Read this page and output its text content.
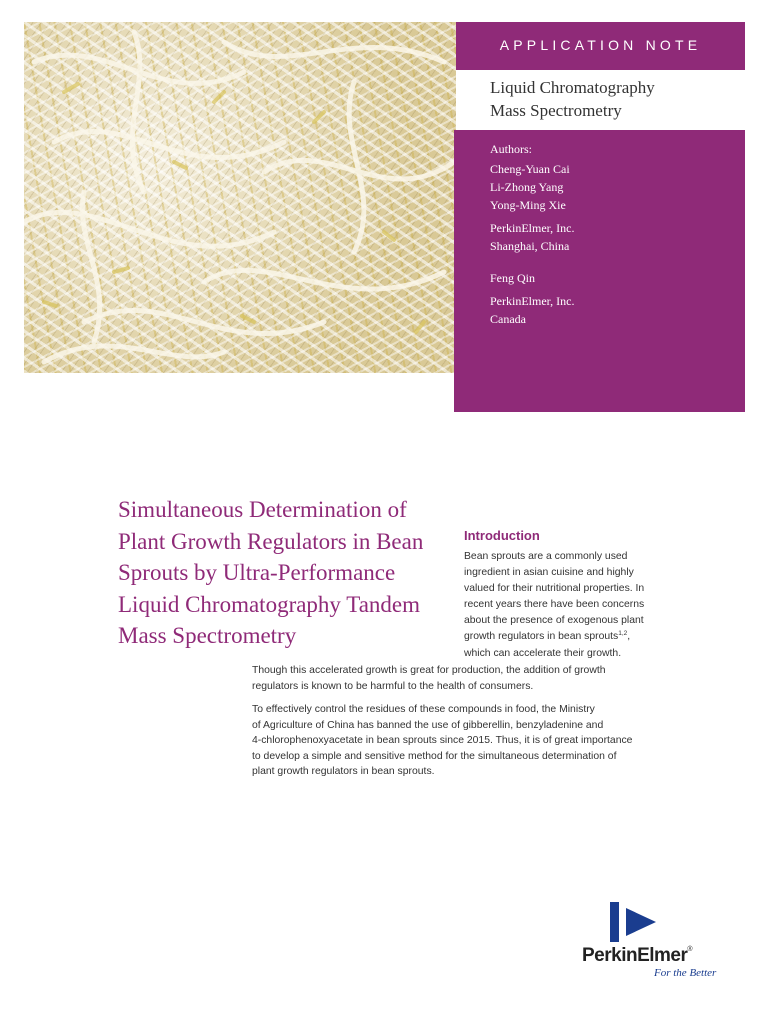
APPLICATION NOTE
Liquid Chromatography
Mass Spectrometry
Authors:
Cheng-Yuan Cai
Li-Zhong Yang
Yong-Ming Xie
PerkinElmer, Inc.
Shanghai, China
Feng Qin
PerkinElmer, Inc.
Canada
Simultaneous Determination of
Plant Growth Regulators in Bean
Sprouts by Ultra-Performance
Liquid Chromatography Tandem
Mass Spectrometry
Introduction
Bean sprouts are a commonly used
ingredient in asian cuisine and highly
valued for their nutritional properties. In
recent years there have been concerns
about the presence of exogenous plant
growth regulators in bean sprouts$^{1,2}$,
which can accelerate their growth.
Though this accelerated growth is great for production, the addition of growth
regulators is known to be harmful to the health of consumers.
To effectively control the residues of these compounds in food, the Ministry
of Agriculture of China has banned the use of gibberellin, benzyladenine and
4-chlorophenoxyacetate in bean sprouts since 2015. Thus, it is of great importance
to develop a simple and sensitive method for the simultaneous determination of
plant growth regulators in bean sprouts.
PerkinElmer®
For the Better
